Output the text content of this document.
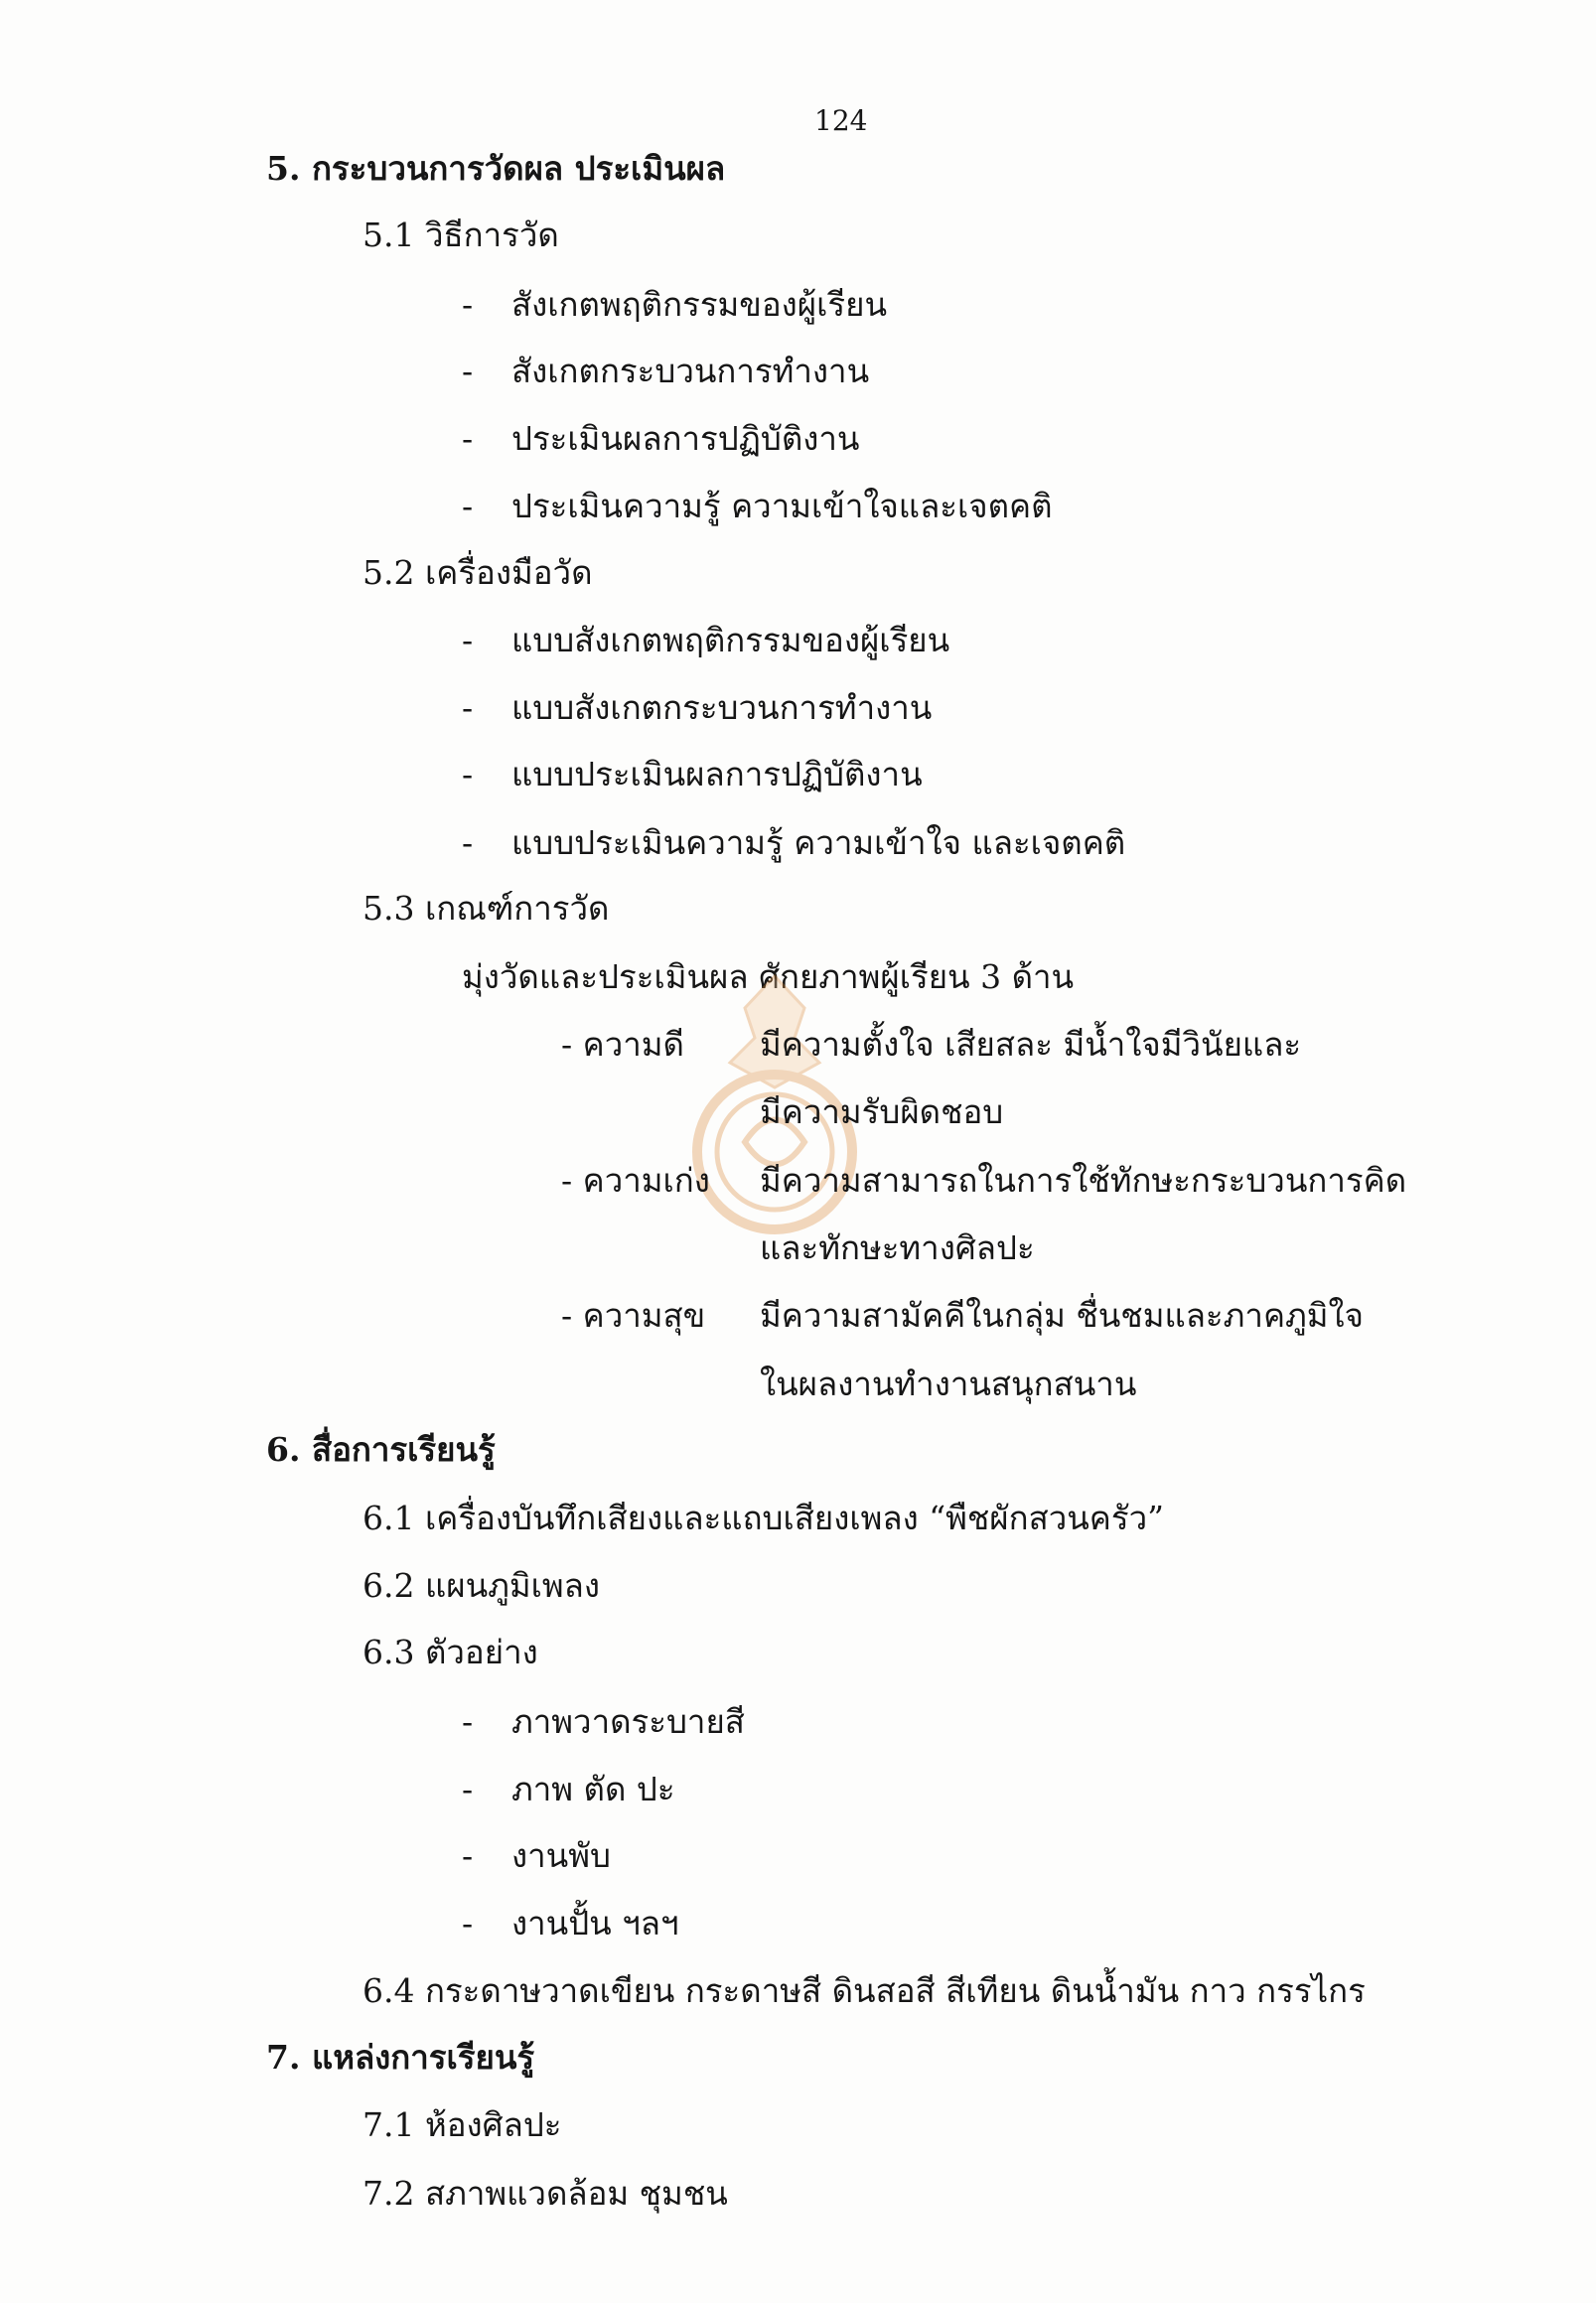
124
5. กระบวนการวัดผล ประเมินผล
5.1 วิธีการวัด
- สังเกตพฤติกรรมของผู้เรียน
- สังเกตกระบวนการทำงาน
- ประเมินผลการปฏิบัติงาน
- ประเมินความรู้ ความเข้าใจและเจตคติ
5.2 เครื่องมือวัด
- แบบสังเกตพฤติกรรมของผู้เรียน
- แบบสังเกตกระบวนการทำงาน
- แบบประเมินผลการปฏิบัติงาน
- แบบประเมินความรู้ ความเข้าใจ และเจตคติ
5.3 เกณฑ์การวัด
มุ่งวัดและประเมินผล ศักยภาพผู้เรียน 3 ด้าน
- ความดี มีความตั้งใจ เสียสละ มีน้ำใจมีวินัยและ
มีความรับผิดชอบ
- ความเก่ง มีความสามารถในการใช้ทักษะกระบวนการคิด
และทักษะทางศิลปะ
- ความสุข มีความสามัคคีในกลุ่ม ชื่นชมและภาคภูมิใจ
ในผลงานทำงานสนุกสนาน
6. สื่อการเรียนรู้
6.1 เครื่องบันทึกเสียงและแถบเสียงเพลง “พืชผักสวนครัว”
6.2 แผนภูมิเพลง
6.3 ตัวอย่าง
- ภาพวาดระบายสี
- ภาพ ตัด ปะ
- งานพับ
- งานปั้น ฯลฯ
6.4 กระดาษวาดเขียน กระดาษสี ดินสอสี สีเทียน ดินน้ำมัน กาว กรรไกร
7. แหล่งการเรียนรู้
7.1 ห้องศิลปะ
7.2 สภาพแวดล้อม ชุมชน
